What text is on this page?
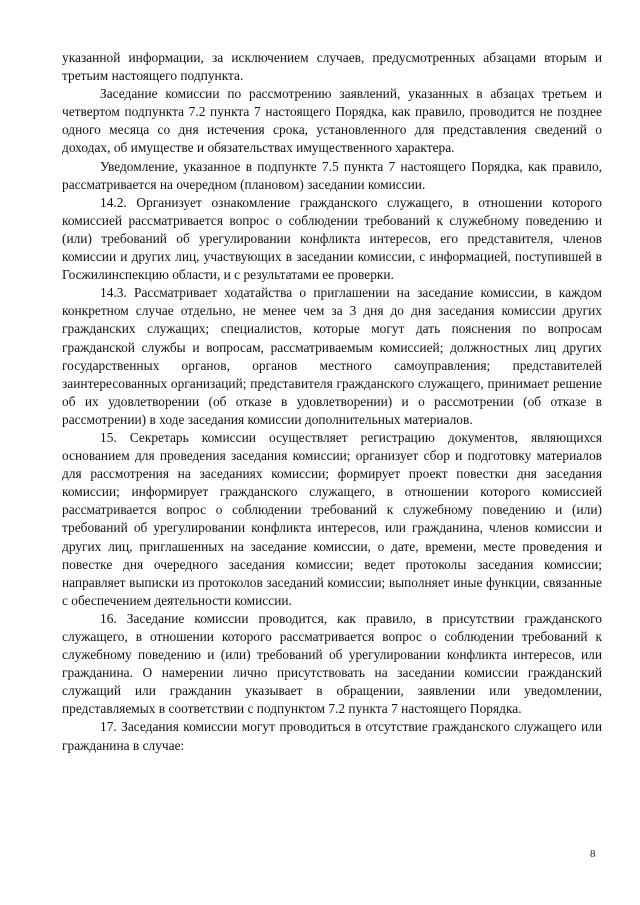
указанной информации, за исключением случаев, предусмотренных абзацами вторым и третьим настоящего подпункта.

Заседание комиссии по рассмотрению заявлений, указанных в абзацах третьем и четвертом подпункта 7.2 пункта 7 настоящего Порядка, как правило, проводится не позднее одного месяца со дня истечения срока, установленного для представления сведений о доходах, об имуществе и обязательствах имущественного характера.

Уведомление, указанное в подпункте 7.5 пункта 7 настоящего Порядка, как правило, рассматривается на очередном (плановом) заседании комиссии.

14.2. Организует ознакомление гражданского служащего, в отношении которого комиссией рассматривается вопрос о соблюдении требований к служебному поведению и (или) требований об урегулировании конфликта интересов, его представителя, членов комиссии и других лиц, участвующих в заседании комиссии, с информацией, поступившей в Госжилинспекцию области, и с результатами ее проверки.

14.3. Рассматривает ходатайства о приглашении на заседание комиссии, в каждом конкретном случае отдельно, не менее чем за 3 дня до дня заседания комиссии других гражданских служащих; специалистов, которые могут дать пояснения по вопросам гражданской службы и вопросам, рассматриваемым комиссией; должностных лиц других государственных органов, органов местного самоуправления; представителей заинтересованных организаций; представителя гражданского служащего, принимает решение об их удовлетворении (об отказе в удовлетворении) и о рассмотрении (об отказе в рассмотрении) в ходе заседания комиссии дополнительных материалов.

15. Секретарь комиссии осуществляет регистрацию документов, являющихся основанием для проведения заседания комиссии; организует сбор и подготовку материалов для рассмотрения на заседаниях комиссии; формирует проект повестки дня заседания комиссии; информирует гражданского служащего, в отношении которого комиссией рассматривается вопрос о соблюдении требований к служебному поведению и (или) требований об урегулировании конфликта интересов, или гражданина, членов комиссии и других лиц, приглашенных на заседание комиссии, о дате, времени, месте проведения и повестке дня очередного заседания комиссии; ведет протоколы заседания комиссии; направляет выписки из протоколов заседаний комиссии; выполняет иные функции, связанные с обеспечением деятельности комиссии.

16. Заседание комиссии проводится, как правило, в присутствии гражданского служащего, в отношении которого рассматривается вопрос о соблюдении требований к служебному поведению и (или) требований об урегулировании конфликта интересов, или гражданина. О намерении лично присутствовать на заседании комиссии гражданский служащий или гражданин указывает в обращении, заявлении или уведомлении, представляемых в соответствии с подпунктом 7.2 пункта 7 настоящего Порядка.

17. Заседания комиссии могут проводиться в отсутствие гражданского служащего или гражданина в случае:

8
